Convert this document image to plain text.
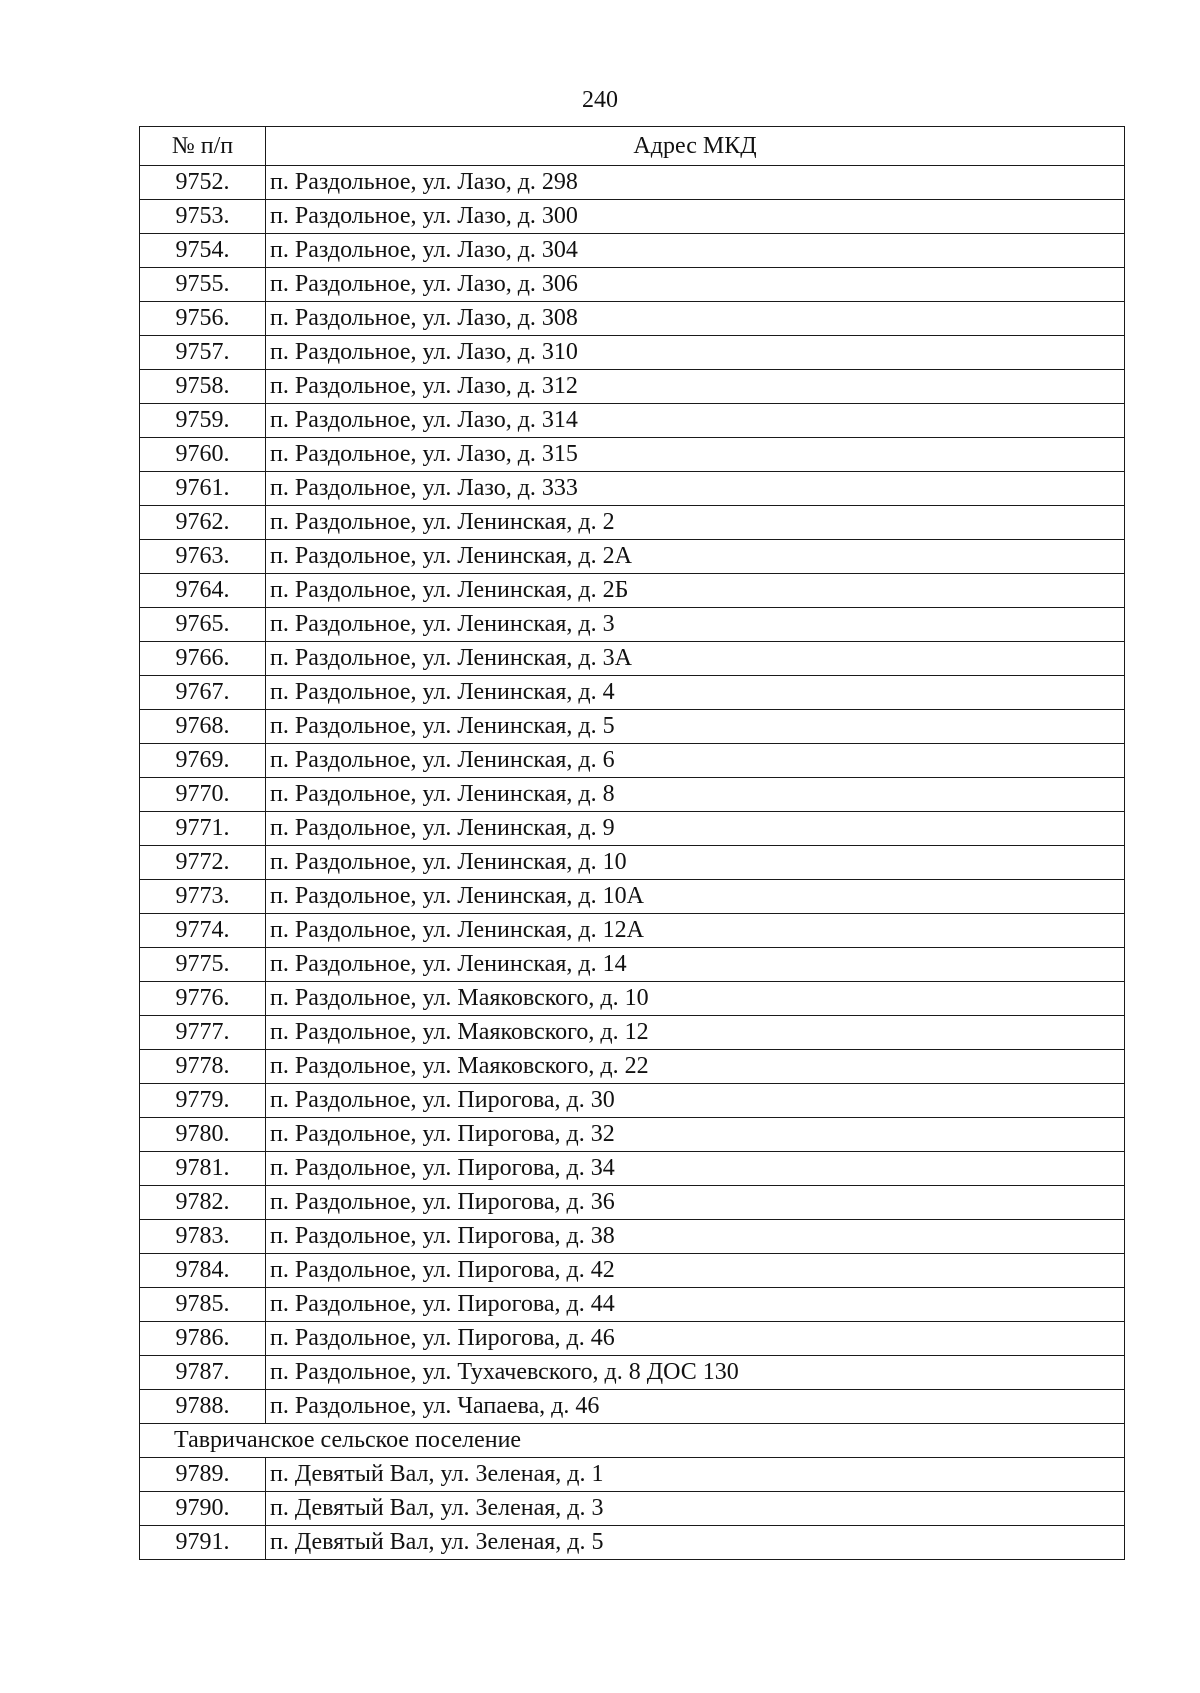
240
№ п/п	Адрес МКД
9752.	п. Раздольное, ул. Лазо, д. 298
9753.	п. Раздольное, ул. Лазо, д. 300
9754.	п. Раздольное, ул. Лазо, д. 304
9755.	п. Раздольное, ул. Лазо, д. 306
9756.	п. Раздольное, ул. Лазо, д. 308
9757.	п. Раздольное, ул. Лазо, д. 310
9758.	п. Раздольное, ул. Лазо, д. 312
9759.	п. Раздольное, ул. Лазо, д. 314
9760.	п. Раздольное, ул. Лазо, д. 315
9761.	п. Раздольное, ул. Лазо, д. 333
9762.	п. Раздольное, ул. Ленинская, д. 2
9763.	п. Раздольное, ул. Ленинская, д. 2А
9764.	п. Раздольное, ул. Ленинская, д. 2Б
9765.	п. Раздольное, ул. Ленинская, д. 3
9766.	п. Раздольное, ул. Ленинская, д. 3А
9767.	п. Раздольное, ул. Ленинская, д. 4
9768.	п. Раздольное, ул. Ленинская, д. 5
9769.	п. Раздольное, ул. Ленинская, д. 6
9770.	п. Раздольное, ул. Ленинская, д. 8
9771.	п. Раздольное, ул. Ленинская, д. 9
9772.	п. Раздольное, ул. Ленинская, д. 10
9773.	п. Раздольное, ул. Ленинская, д. 10А
9774.	п. Раздольное, ул. Ленинская, д. 12А
9775.	п. Раздольное, ул. Ленинская, д. 14
9776.	п. Раздольное, ул. Маяковского, д. 10
9777.	п. Раздольное, ул. Маяковского, д. 12
9778.	п. Раздольное, ул. Маяковского, д. 22
9779.	п. Раздольное, ул. Пирогова, д. 30
9780.	п. Раздольное, ул. Пирогова, д. 32
9781.	п. Раздольное, ул. Пирогова, д. 34
9782.	п. Раздольное, ул. Пирогова, д. 36
9783.	п. Раздольное, ул. Пирогова, д. 38
9784.	п. Раздольное, ул. Пирогова, д. 42
9785.	п. Раздольное, ул. Пирогова, д. 44
9786.	п. Раздольное, ул. Пирогова, д. 46
9787.	п. Раздольное, ул. Тухачевского, д. 8 ДОС 130
9788.	п. Раздольное, ул. Чапаева, д. 46
Тавричанское сельское поселение	
9789.	п. Девятый Вал, ул. Зеленая, д. 1
9790.	п. Девятый Вал, ул. Зеленая, д. 3
9791.	п. Девятый Вал, ул. Зеленая, д. 5
